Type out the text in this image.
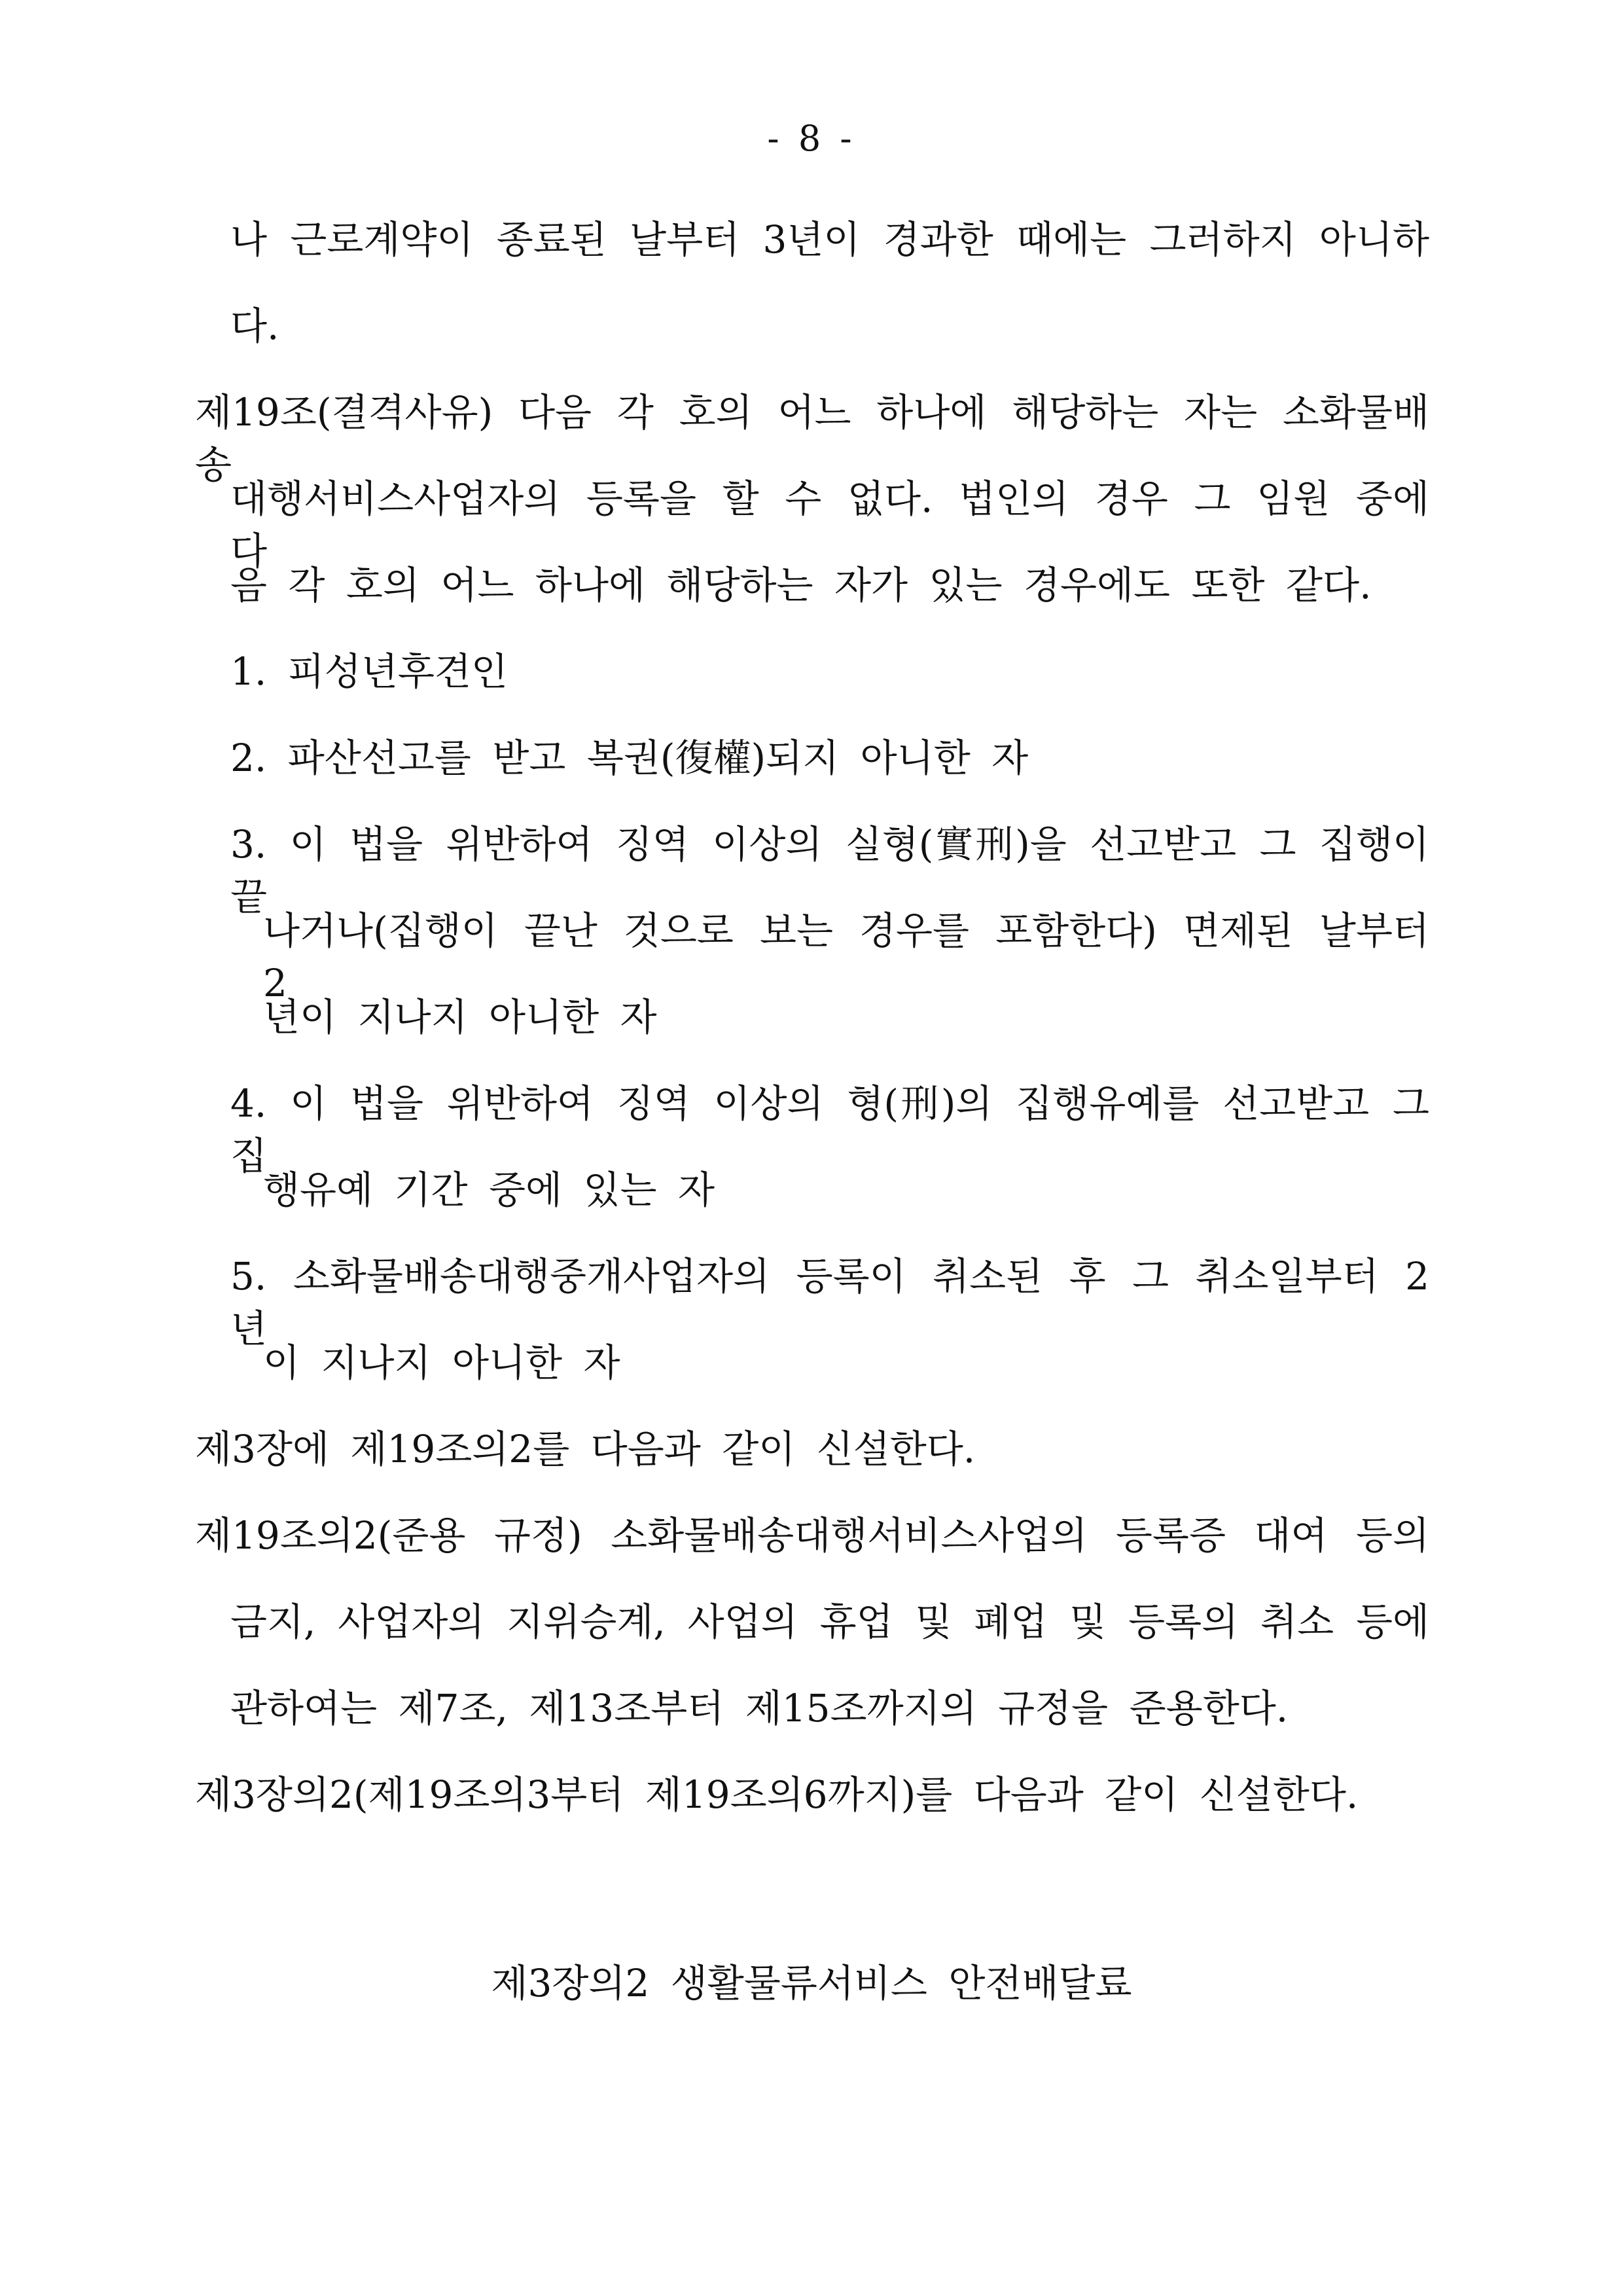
- 8 -
나 근로계약이 종료된 날부터 3년이 경과한 때에는 그러하지 아니하
다.
제19조(결격사유) 다음 각 호의 어느 하나에 해당하는 자는 소화물배송
대행서비스사업자의 등록을 할 수 없다. 법인의 경우 그 임원 중에 다
음 각 호의 어느 하나에 해당하는 자가 있는 경우에도 또한 같다.
1. 피성년후견인
2. 파산선고를 받고 복권(復權)되지 아니한 자
3. 이 법을 위반하여 징역 이상의 실형(實刑)을 선고받고 그 집행이 끝
나거나(집행이 끝난 것으로 보는 경우를 포함한다) 면제된 날부터 2
년이 지나지 아니한 자
4. 이 법을 위반하여 징역 이상의 형(刑)의 집행유예를 선고받고 그 집
행유예 기간 중에 있는 자
5. 소화물배송대행중개사업자의 등록이 취소된 후 그 취소일부터 2년
이 지나지 아니한 자
제3장에 제19조의2를 다음과 같이 신설한다.
제19조의2(준용 규정) 소화물배송대행서비스사업의 등록증 대여 등의
금지, 사업자의 지위승계, 사업의 휴업 및 폐업 및 등록의 취소 등에
관하여는 제7조, 제13조부터 제15조까지의 규정을 준용한다.
제3장의2(제19조의3부터 제19조의6까지)를 다음과 같이 신설한다.
제3장의2 생활물류서비스 안전배달료
